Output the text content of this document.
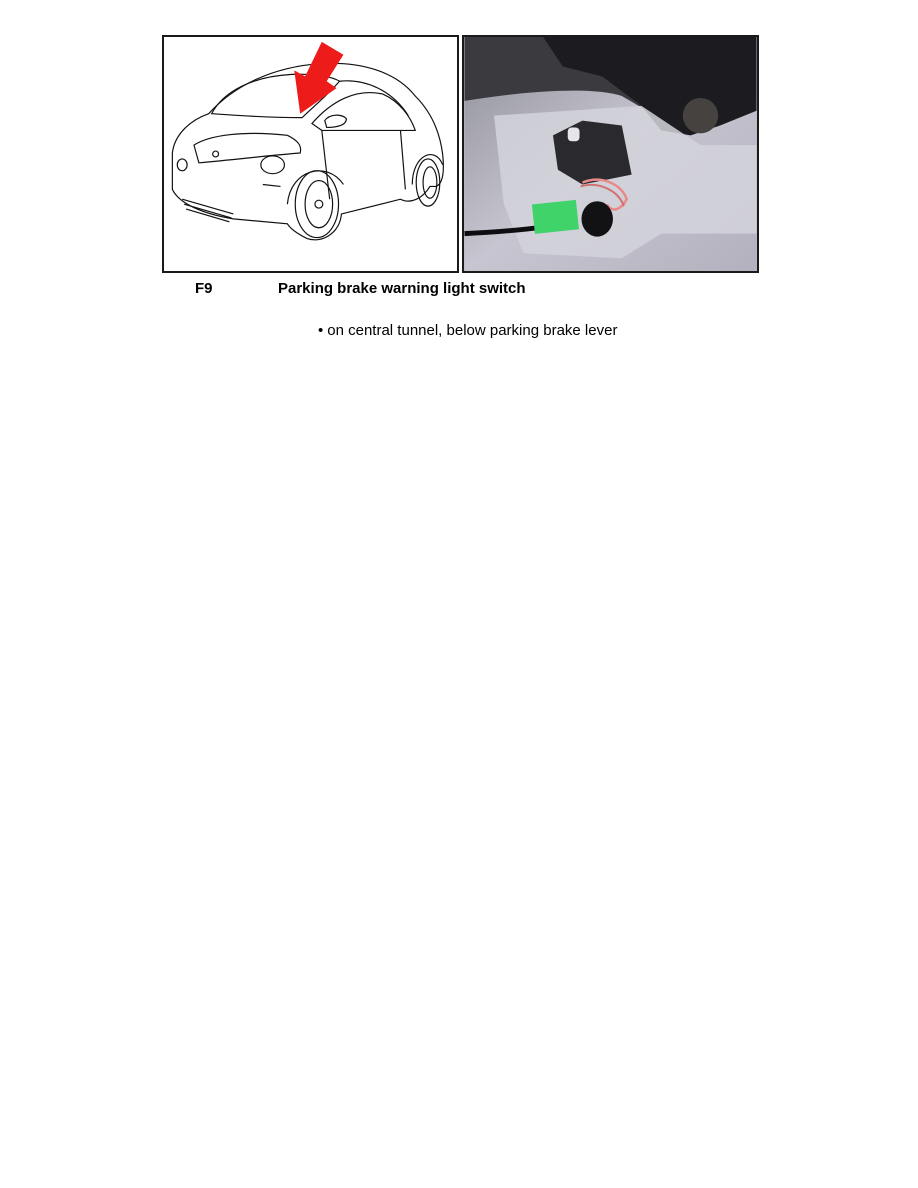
F9	Parking brake warning light switch
• on central tunnel, below parking brake lever
